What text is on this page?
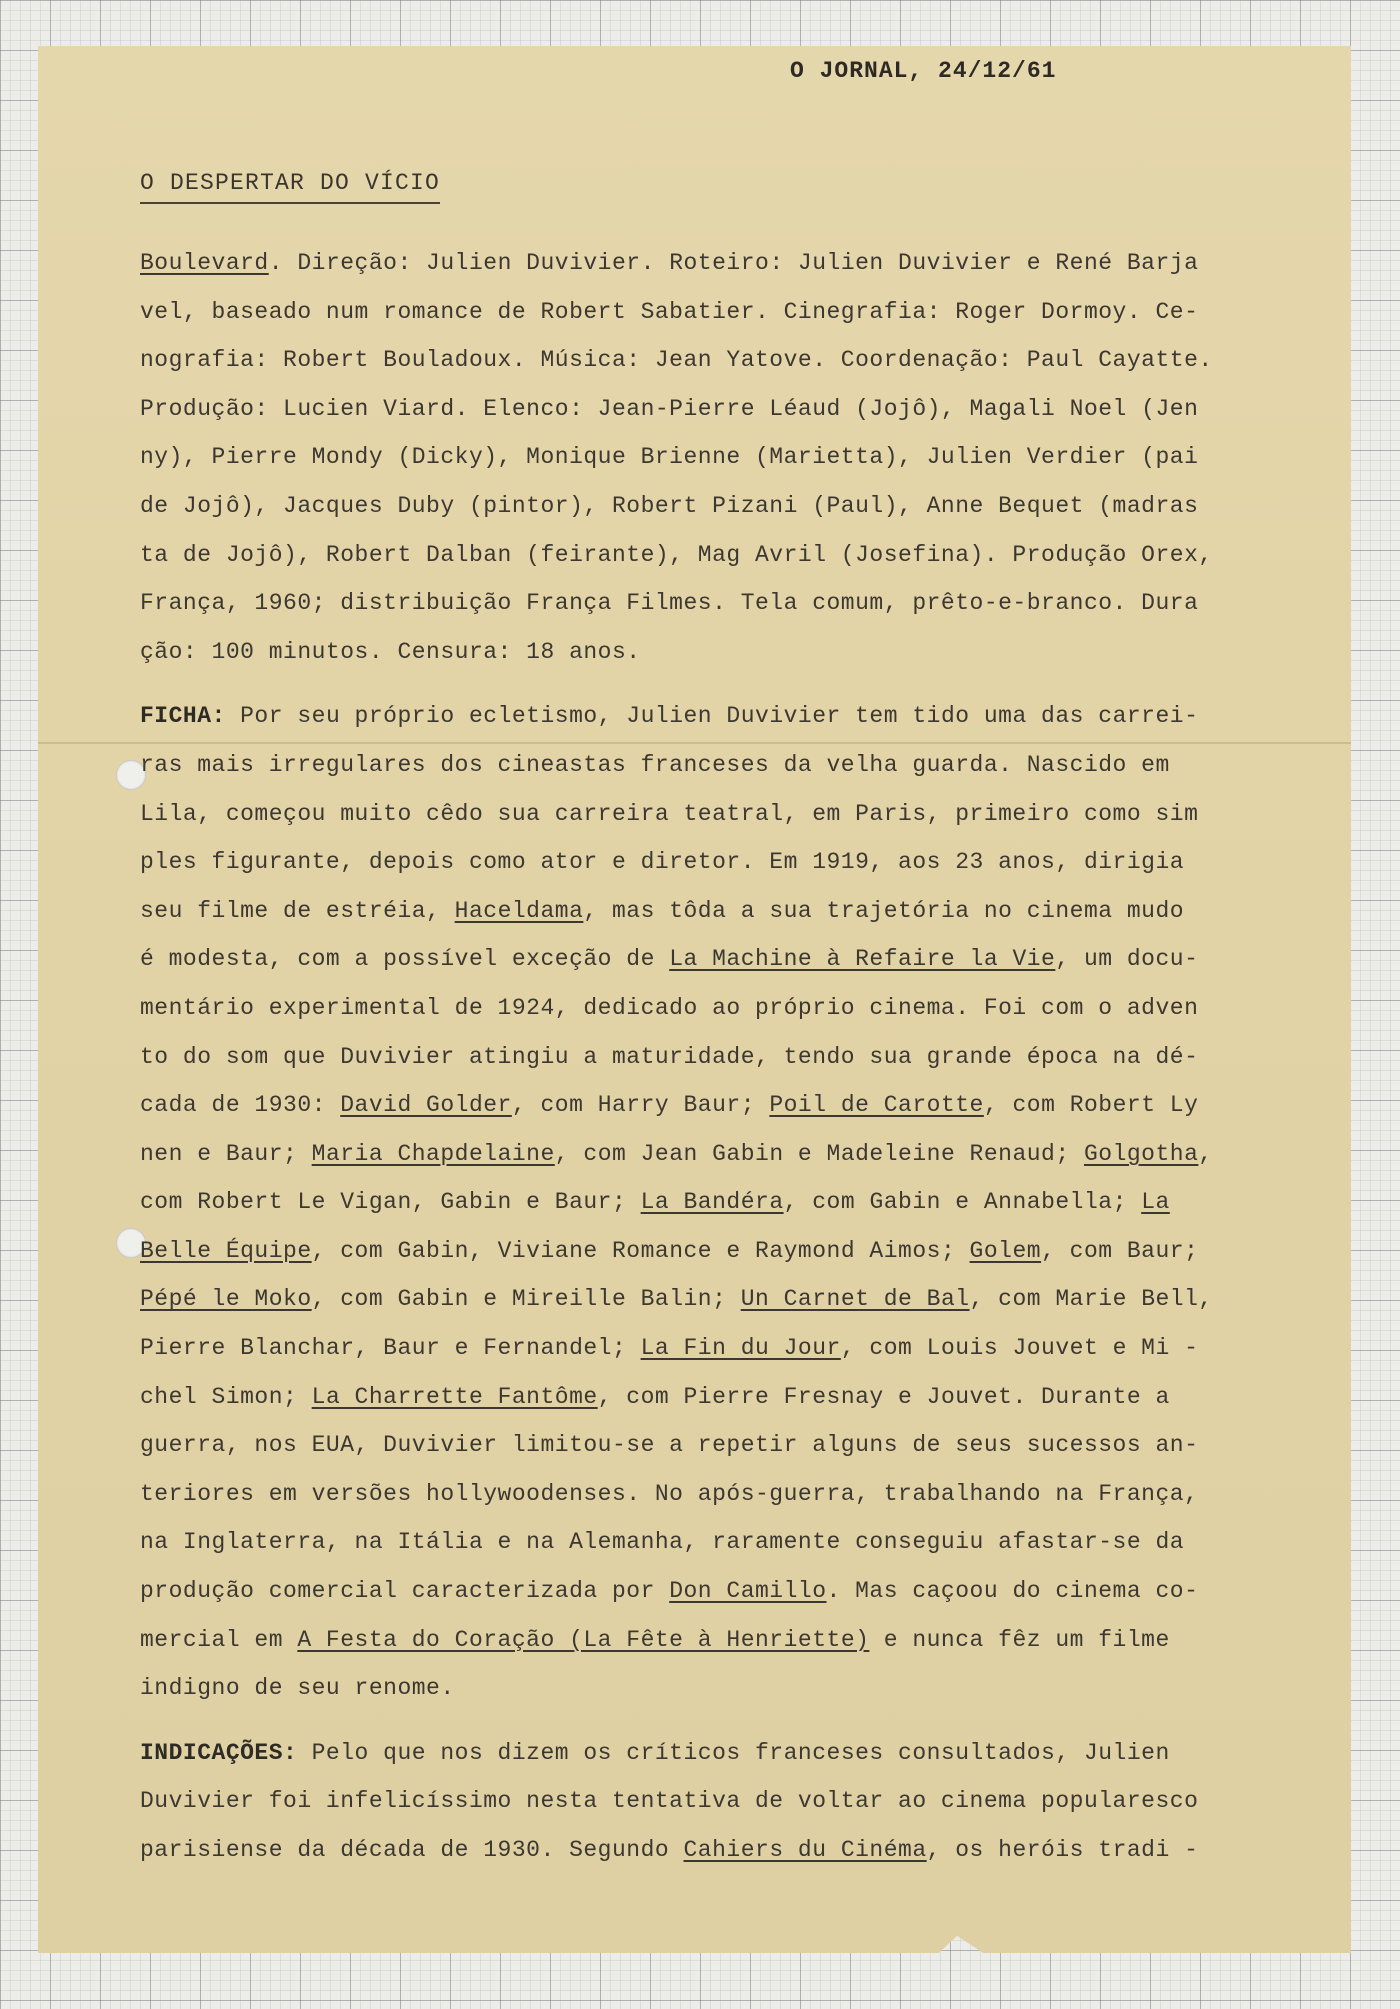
O JORNAL, 24/12/61
O DESPERTAR DO VÍCIO
Boulevard. Direção: Julien Duvivier. Roteiro: Julien Duvivier e René Barja
vel, baseado num romance de Robert Sabatier. Cinegrafia: Roger Dormoy. Ce-
nografia: Robert Bouladoux. Música: Jean Yatove. Coordenação: Paul Cayatte.
Produção: Lucien Viard. Elenco: Jean-Pierre Léaud (Jojô), Magali Noel (Jen
ny), Pierre Mondy (Dicky), Monique Brienne (Marietta), Julien Verdier (pai
de Jojô), Jacques Duby (pintor), Robert Pizani (Paul), Anne Bequet (madras
ta de Jojô), Robert Dalban (feirante), Mag Avril (Josefina). Produção Orex,
França, 1960; distribuição França Filmes. Tela comum, prêto-e-branco. Dura
ção: 100 minutos. Censura: 18 anos.
FICHA: Por seu próprio ecletismo, Julien Duvivier tem tido uma das carrei-
ras mais irregulares dos cineastas franceses da velha guarda. Nascido em
Lila, começou muito cêdo sua carreira teatral, em Paris, primeiro como sim
ples figurante, depois como ator e diretor. Em 1919, aos 23 anos, dirigia
seu filme de estréia, Haceldama, mas tôda a sua trajetória no cinema mudo
é modesta, com a possível exceção de La Machine à Refaire la Vie, um docu-
mentário experimental de 1924, dedicado ao próprio cinema. Foi com o adven
to do som que Duvivier atingiu a maturidade, tendo sua grande época na dé-
cada de 1930: David Golder, com Harry Baur; Poil de Carotte, com Robert Ly
nen e Baur; Maria Chapdelaine, com Jean Gabin e Madeleine Renaud; Golgotha,
com Robert Le Vigan, Gabin e Baur; La Bandéra, com Gabin e Annabella; La
Belle Équipe, com Gabin, Viviane Romance e Raymond Aimos; Golem, com Baur;
Pépé le Moko, com Gabin e Mireille Balin; Un Carnet de Bal, com Marie Bell,
Pierre Blanchar, Baur e Fernandel; La Fin du Jour, com Louis Jouvet e Mi -
chel Simon; La Charrette Fantôme, com Pierre Fresnay e Jouvet. Durante a
guerra, nos EUA, Duvivier limitou-se a repetir alguns de seus sucessos an-
teriores em versões hollywoodenses. No após-guerra, trabalhando na França,
na Inglaterra, na Itália e na Alemanha, raramente conseguiu afastar-se da
produção comercial caracterizada por Don Camillo. Mas caçoou do cinema co-
mercial em A Festa do Coração (La Fête à Henriette) e nunca fêz um filme
indigno de seu renome.
INDICAÇÕES: Pelo que nos dizem os críticos franceses consultados, Julien
Duvivier foi infelicíssimo nesta tentativa de voltar ao cinema popularesco
parisiense da década de 1930. Segundo Cahiers du Cinéma, os heróis tradi -
